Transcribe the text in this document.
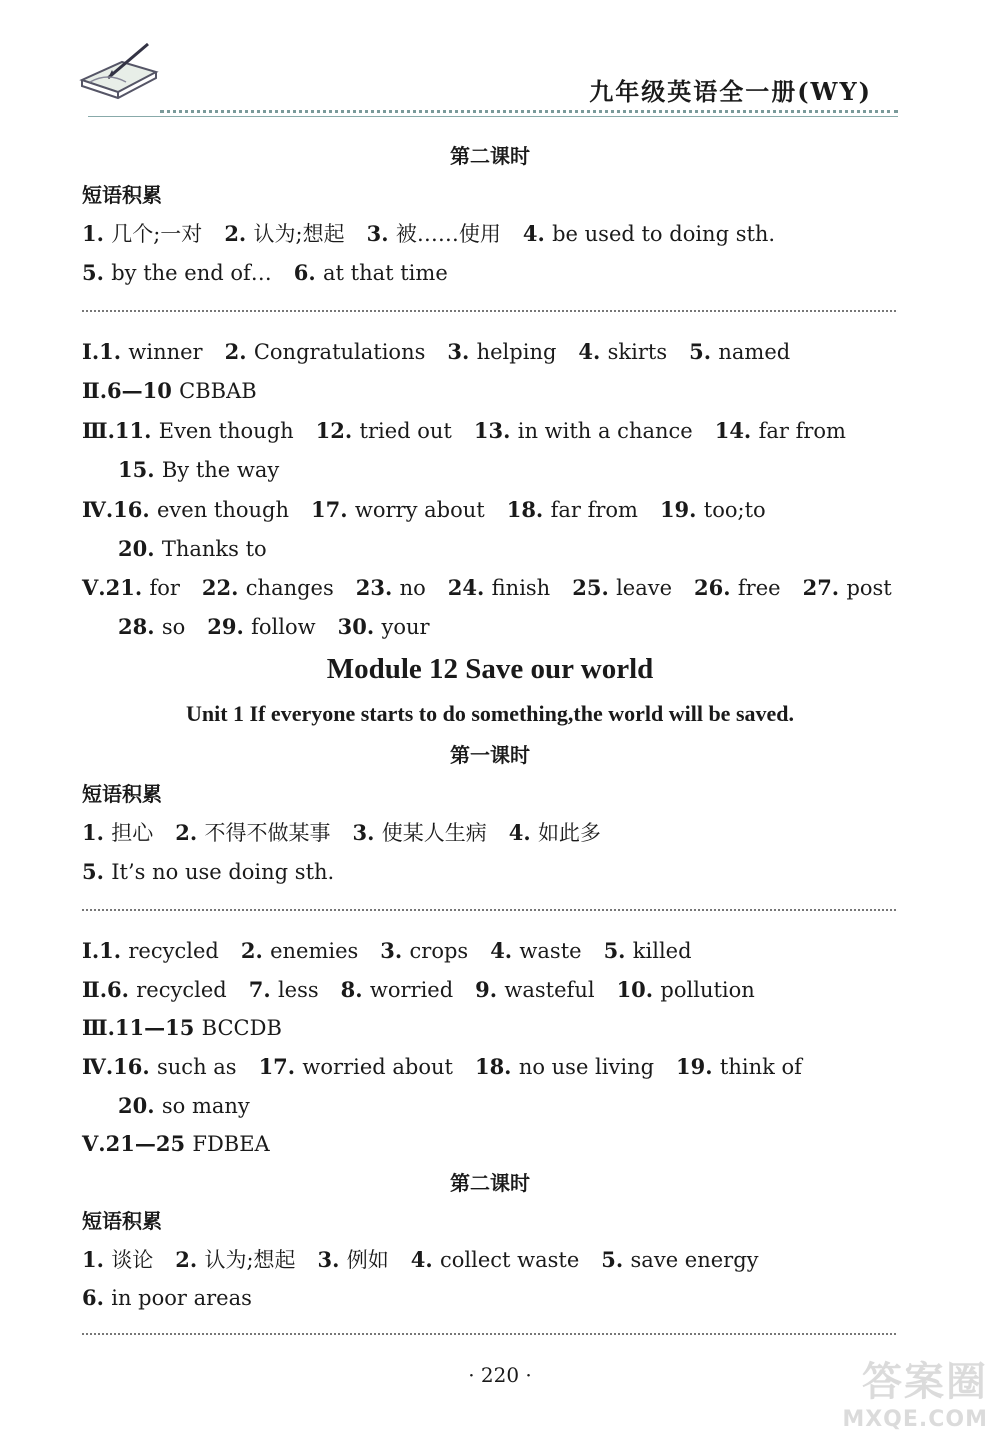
九年级英语全一册(WY)
第二课时
短语积累
1. 几个;一对 2. 认为;想起 3. 被……使用 4. be used to doing sth.
5. by the end of… 6. at that time
Ⅰ.1. winner 2. Congratulations 3. helping 4. skirts 5. named
Ⅱ.6—10 CBBAB
Ⅲ.11. Even though 12. tried out 13. in with a chance 14. far from
15. By the way
Ⅳ.16. even though 17. worry about 18. far from 19. too;to
20. Thanks to
Ⅴ.21. for 22. changes 23. no 24. finish 25. leave 26. free 27. post
28. so 29. follow 30. your
Module 12 Save our world
Unit 1 If everyone starts to do something,the world will be saved.
第一课时
短语积累
1. 担心 2. 不得不做某事 3. 使某人生病 4. 如此多
5. It’s no use doing sth.
Ⅰ.1. recycled 2. enemies 3. crops 4. waste 5. killed
Ⅱ.6. recycled 7. less 8. worried 9. wasteful 10. pollution
Ⅲ.11—15 BCCDB
Ⅳ.16. such as 17. worried about 18. no use living 19. think of
20. so many
Ⅴ.21—25 FDBEA
第二课时
短语积累
1. 谈论 2. 认为;想起 3. 例如 4. collect waste 5. save energy
6. in poor areas
· 220 ·	答案圈
MXQE.COM
